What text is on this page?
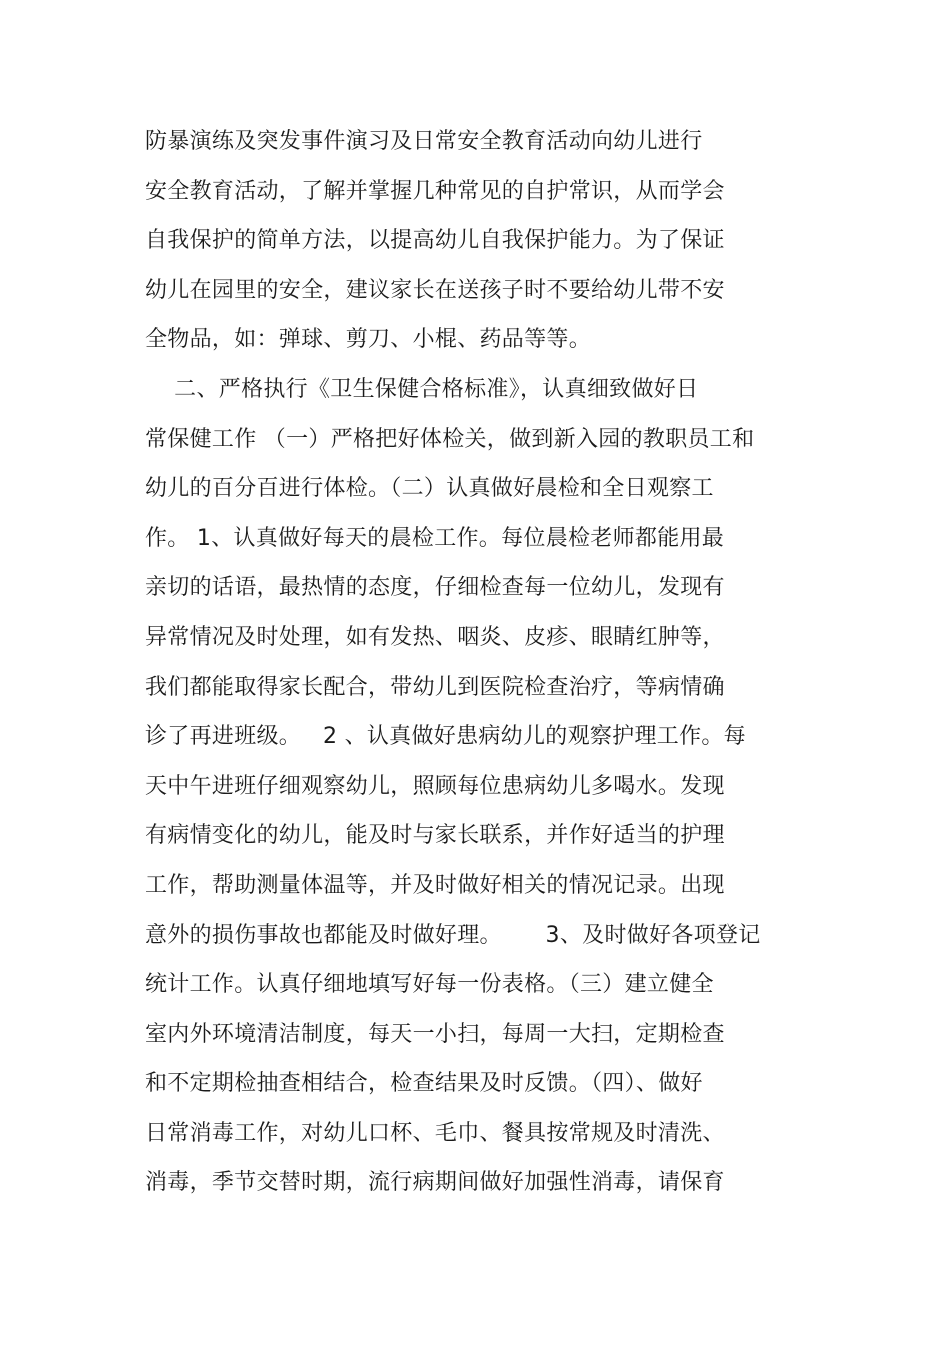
防暴演练及突发事件演习及日常安全教育活动向幼儿进行
安全教育活动，了解并掌握几种常见的自护常识，从而学会
自我保护的简单方法，以提高幼儿自我保护能力。为了保证
幼儿在园里的安全，建议家长在送孩子时不要给幼儿带不安
全物品，如：弹球、剪刀、小棍、药品等等。
二、严格执行《卫生保健合格标准》，认真细致做好日
常保健工作 （一）严格把好体检关，做到新入园的教职员工和
幼儿的百分百进行体检。（二）认真做好晨检和全日观察工
作。 1、认真做好每天的晨检工作。每位晨检老师都能用最
亲切的话语，最热情的态度，仔细检查每一位幼儿，发现有
异常情况及时处理，如有发热、咽炎、皮疹、眼睛红肿等，
我们都能取得家长配合，带幼儿到医院检查治疗，等病情确
诊了再进班级。   2 、认真做好患病幼儿的观察护理工作。每
天中午进班仔细观察幼儿，照顾每位患病幼儿多喝水。发现
有病情变化的幼儿，能及时与家长联系，并作好适当的护理
工作，帮助测量体温等，并及时做好相关的情况记录。出现
意外的损伤事故也都能及时做好理。      3、及时做好各项登记
统计工作。认真仔细地填写好每一份表格。（三）建立健全
室内外环境清洁制度，每天一小扫，每周一大扫，定期检查
和不定期检抽查相结合，检查结果及时反馈。（四）、做好
日常消毒工作，对幼儿口杯、毛巾、餐具按常规及时清洗、
消毒，季节交替时期，流行病期间做好加强性消毒，请保育
